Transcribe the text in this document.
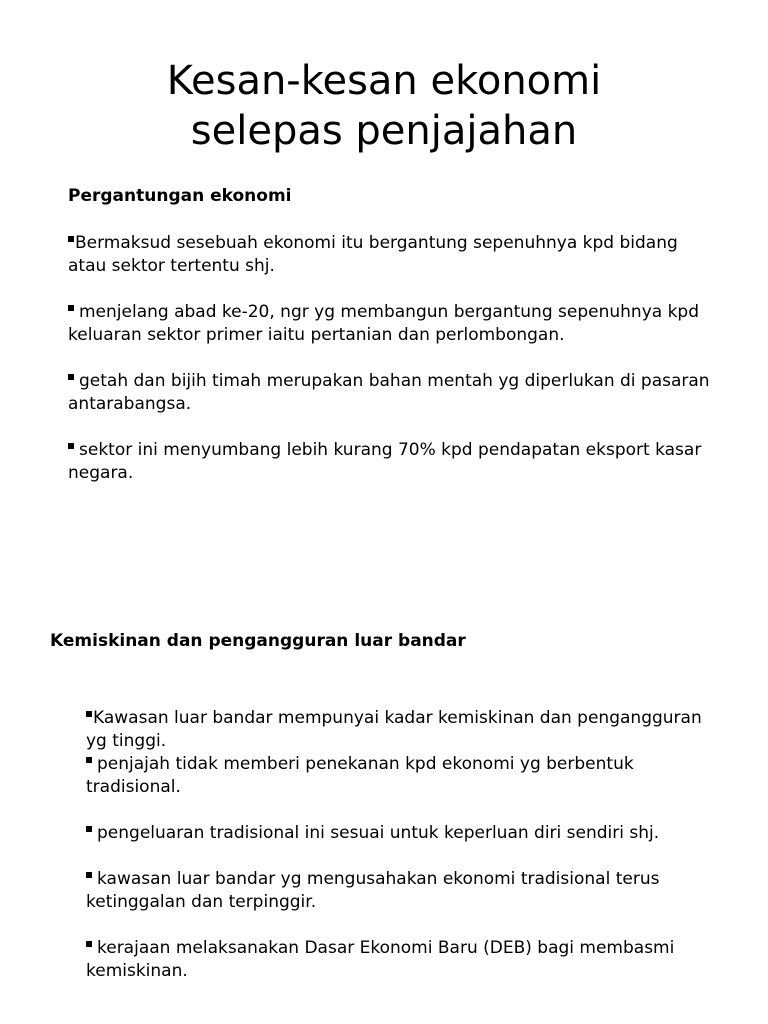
Kesan-kesan ekonomi
selepas penjajahan
Pergantungan ekonomi
Bermaksud sesebuah ekonomi itu bergantung sepenuhnya kpd bidang atau sektor tertentu shj.
menjelang abad ke-20, ngr yg membangun bergantung sepenuhnya kpd keluaran sektor primer iaitu pertanian dan perlombongan.
getah dan bijih timah merupakan bahan mentah yg diperlukan di pasaran antarabangsa.
sektor ini menyumbang lebih kurang 70% kpd pendapatan eksport kasar negara.
Kemiskinan dan pengangguran luar bandar
Kawasan luar bandar mempunyai kadar kemiskinan dan pengangguran yg tinggi.
penjajah tidak memberi penekanan kpd ekonomi yg berbentuk tradisional.
pengeluaran tradisional ini sesuai untuk keperluan diri sendiri shj.
kawasan luar bandar yg mengusahakan ekonomi tradisional terus ketinggalan dan terpinggir.
kerajaan melaksanakan Dasar Ekonomi Baru (DEB) bagi membasmi kemiskinan.
